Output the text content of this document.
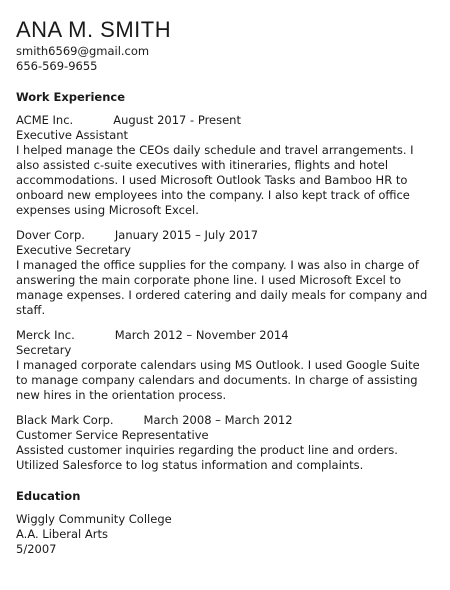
ANA M. SMITH
smith6569@gmail.com
656-569-9655
Work Experience
ACME Inc.	August 2017 - Present
Executive Assistant
I helped manage the CEOs daily schedule and travel arrangements. I also assisted c-suite executives with itineraries, flights and hotel accommodations. I used Microsoft Outlook Tasks and Bamboo HR to onboard new employees into the company. I also kept track of office expenses using Microsoft Excel.
Dover Corp.	January 2015 – July 2017
Executive Secretary
I managed the office supplies for the company. I was also in charge of answering the main corporate phone line. I used Microsoft Excel to manage expenses. I ordered catering and daily meals for company and staff.
Merck Inc.	March 2012 – November 2014
Secretary
I managed corporate calendars using MS Outlook. I used Google Suite to manage company calendars and documents. In charge of assisting new hires in the orientation process.
Black Mark Corp.	March 2008 – March 2012
Customer Service Representative
Assisted customer inquiries regarding the product line and orders. Utilized Salesforce to log status information and complaints.
Education
Wiggly Community College
A.A. Liberal Arts
5/2007
